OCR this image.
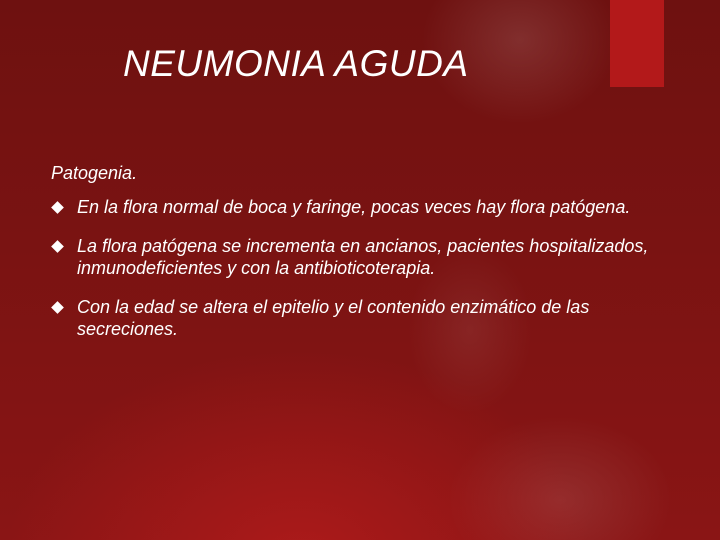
NEUMONIA AGUDA
Patogenia.
En la flora normal de boca y faringe, pocas veces hay flora patógena.
La flora patógena se incrementa en ancianos, pacientes hospitalizados, inmunodeficientes y con la antibioticoterapia.
Con la edad se altera el epitelio y el contenido enzimático de las secreciones.
